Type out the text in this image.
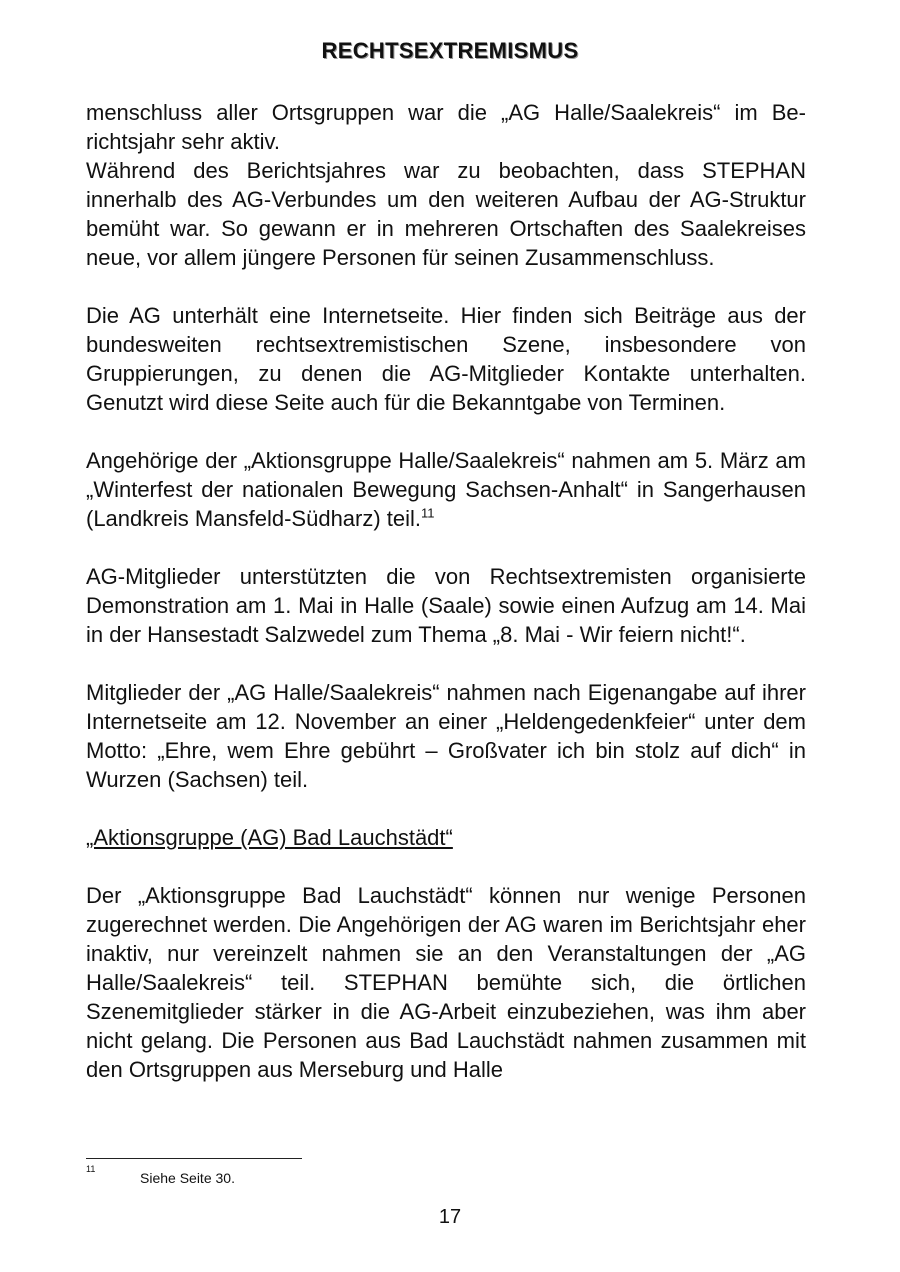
RECHTSEXTREMISMUS

menschluss aller Ortsgruppen war die „AG Halle/Saalekreis“ im Berichtsjahr sehr aktiv.

Während des Berichtsjahres war zu beobachten, dass STEPHAN innerhalb des AG-Verbundes um den weiteren Aufbau der AG-Struktur bemüht war. So gewann er in mehreren Ortschaften des Saalekreises neue, vor allem jüngere Personen für seinen Zusammenschluss.

Die AG unterhält eine Internetseite. Hier finden sich Beiträge aus der bundesweiten rechtsextremistischen Szene, insbesondere von Gruppierungen, zu denen die AG-Mitglieder Kontakte unterhalten. Genutzt wird diese Seite auch für die Bekanntgabe von Terminen.

Angehörige der „Aktionsgruppe Halle/Saalekreis“ nahmen am 5. März am „Winterfest der nationalen Bewegung Sachsen-Anhalt“ in Sangerhausen (Landkreis Mansfeld-Südharz) teil.$^{11}$

AG-Mitglieder unterstützten die von Rechtsextremisten organisierte Demonstration am 1. Mai in Halle (Saale) sowie einen Aufzug am 14. Mai in der Hansestadt Salzwedel zum Thema „8. Mai - Wir feiern nicht!“.

Mitglieder der „AG Halle/Saalekreis“ nahmen nach Eigenangabe auf ihrer Internetseite am 12. November an einer „Heldengedenkfeier“ unter dem Motto: „Ehre, wem Ehre gebührt – Großvater ich bin stolz auf dich“ in Wurzen (Sachsen) teil.

„Aktionsgruppe (AG) Bad Lauchstädt“

Der „Aktionsgruppe Bad Lauchstädt“ können nur wenige Personen zugerechnet werden. Die Angehörigen der AG waren im Berichtsjahr eher inaktiv, nur vereinzelt nahmen sie an den Veranstaltungen der „AG Halle/Saalekreis“ teil. STEPHAN bemühte sich, die örtlichen Szenemitglieder stärker in die AG-Arbeit einzubeziehen, was ihm aber nicht gelang. Die Personen aus Bad Lauchstädt nahmen zusammen mit den Ortsgruppen aus Merseburg und Halle

11
Siehe Seite 30.
17
